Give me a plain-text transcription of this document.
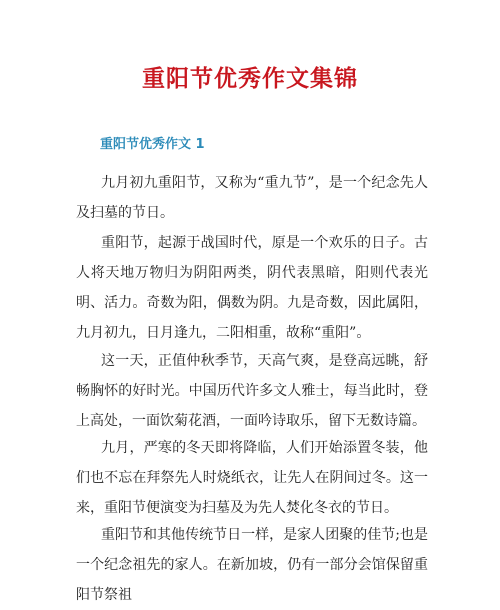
重阳节优秀作文集锦
重阳节优秀作文 1

九月初九重阳节，又称为“重九节”，是一个纪念先人及扫墓的节日。

重阳节，起源于战国时代，原是一个欢乐的日子。古人将天地万物归为阴阳两类，阴代表黑暗，阳则代表光明、活力。奇数为阳，偶数为阴。九是奇数，因此属阳，九月初九，日月逢九，二阳相重，故称“重阳”。

这一天，正值仲秋季节，天高气爽，是登高远眺，舒畅胸怀的好时光。中国历代许多文人雅士，每当此时，登上高处，一面饮菊花酒，一面吟诗取乐，留下无数诗篇。

九月，严寒的冬天即将降临，人们开始添置冬装，他们也不忘在拜祭先人时烧纸衣，让先人在阴间过冬。这一来，重阳节便演变为扫墓及为先人焚化冬衣的节日。

重阳节和其他传统节日一样，是家人团聚的佳节;也是一个纪念祖先的家人。在新加坡，仍有一部分会馆保留重阳节祭祖
